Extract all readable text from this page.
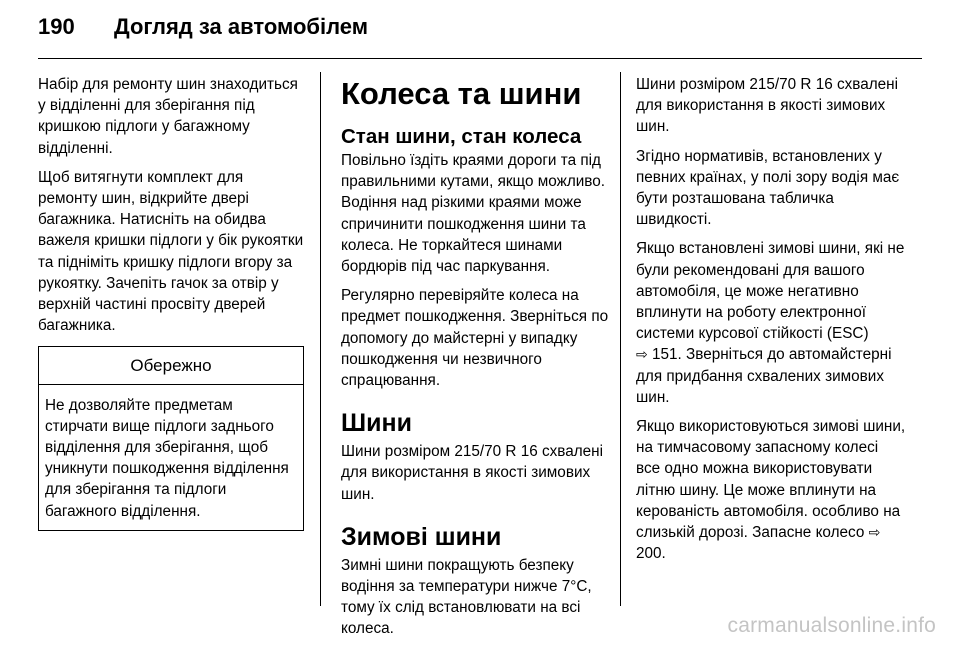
190 Догляд за автомобілем

Набір для ремонту шин знаходиться у відділенні для зберігання під кришкою підлоги у багажному відділенні.

Щоб витягнути комплект для ремонту шин, відкрийте двері багажника. Натисніть на обидва важеля кришки підлоги у бік рукоятки та підніміть кришку підлоги вгору за рукоятку. Зачепіть гачок за отвір у верхній частині просвіту дверей багажника.

Обережно
Не дозволяйте предметам стирчати вище підлоги заднього відділення для зберігання, щоб уникнути пошкодження відділення для зберігання та підлоги багажного відділення.
Колеса та шини
Стан шини, стан колеса

Повільно їздіть краями дороги та під правильними кутами, якщо можливо. Водіння над різкими краями може спричинити пошкодження шини та колеса. Не торкайтеся шинами бордюрів під час паркування.

Регулярно перевіряйте колеса на предмет пошкодження. Зверніться по допомогу до майстерні у випадку пошкодження чи незвичного спрацювання.

Шини

Шини розміром 215/70 R 16 схвалені для використання в якості зимових шин.

Зимові шини

Зимні шини покращують безпеку водіння за температури нижче 7°C, тому їх слід встановлювати на всі колеса.

Шини розміром 215/70 R 16 схвалені для використання в якості зимових шин.

Згідно нормативів, встановлених у певних країнах, у полі зору водія має бути розташована табличка швидкості.

Якщо встановлені зимові шини, які не були рекомендовані для вашого автомобіля, це може негативно вплинути на роботу електронної системи курсової стійкості (ESC)
⇨ 151. Зверніться до автомайстерні для придбання схвалених зимових шин.

Якщо використовуються зимові шини, на тимчасовому запасному колесі все одно можна використовувати літню шину. Це може вплинути на керованість автомобіля. особливо на слизькій дорозі. Запасне колесо ⇨ 200.

carmanualsonline.info
